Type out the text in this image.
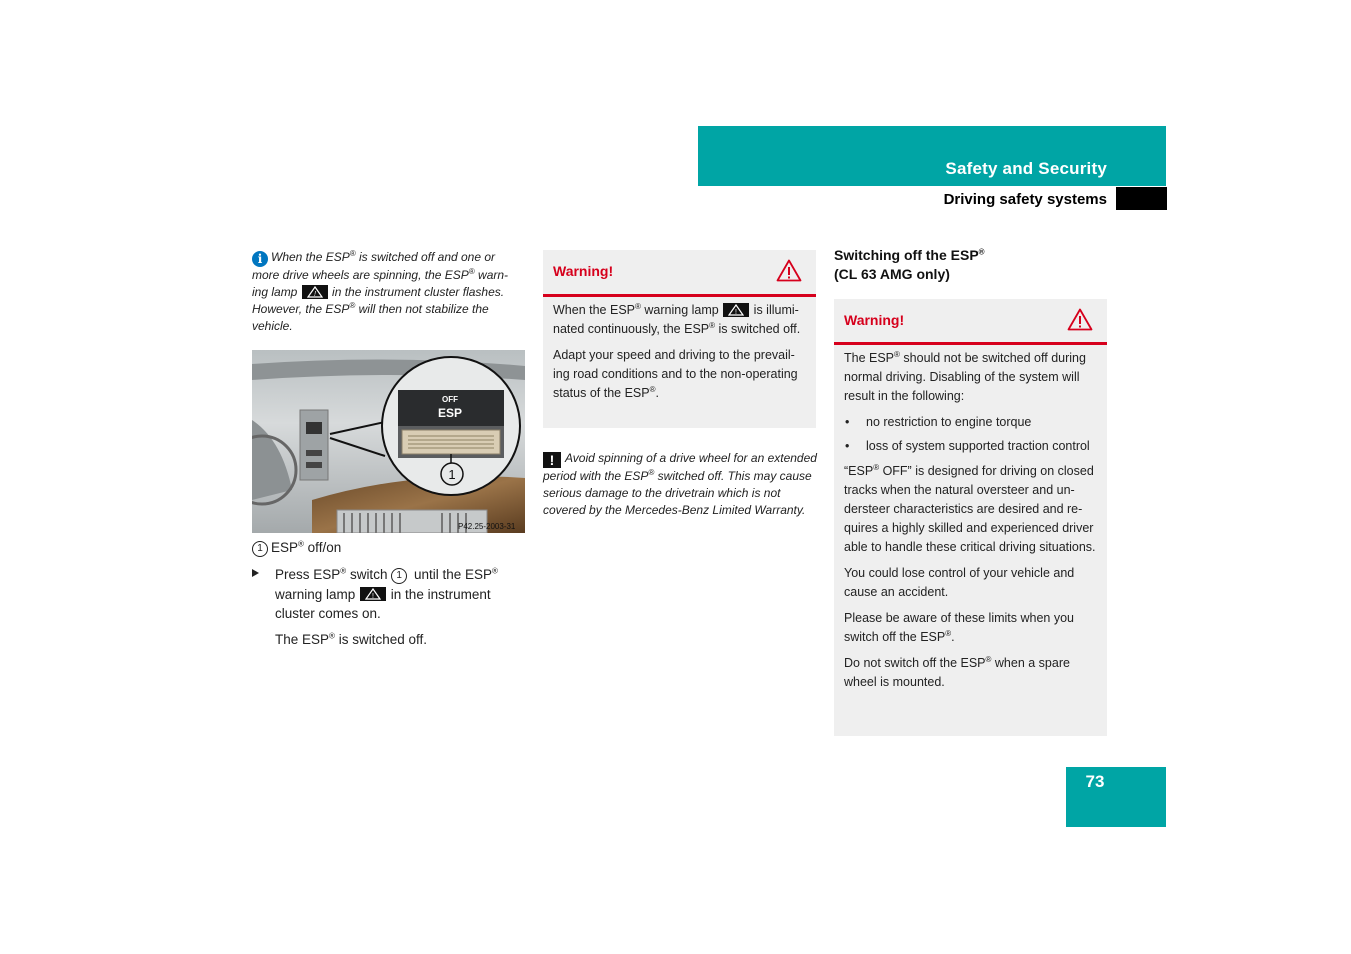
Safety and Security
Driving safety systems
i When the ESP® is switched off and one or more drive wheels are spinning, the ESP® warn-ing lamp ! in the instrument cluster flashes. However, the ESP® will then not stabilize the vehicle.
OFF
ESP
1
P42.25-2003-31
1 ESP® off/on
Press ESP® switch 1 until the ESP® warning lamp ! in the instrument cluster comes on.
The ESP® is switched off.
Warning!

When the ESP® warning lamp ! is illumi-nated continuously, the ESP® is switched off.

Adapt your speed and driving to the prevail-ing road conditions and to the non-operating status of the ESP®.

! Avoid spinning of a drive wheel for an extended period with the ESP® switched off. This may cause serious damage to the drivetrain which is not covered by the Mercedes-Benz Limited Warranty.
Switching off the ESP®
(CL 63 AMG only)
Warning!

The ESP® should not be switched off during normal driving. Disabling of the system will result in the following:

• no restriction to engine torque
• loss of system supported traction control

“ESP® OFF” is designed for driving on closed tracks when the natural oversteer and un-dersteer characteristics are desired and re-quires a highly skilled and experienced driver able to handle these critical driving situations.

You could lose control of your vehicle and cause an accident.

Please be aware of these limits when you switch off the ESP®.

Do not switch off the ESP® when a spare wheel is mounted.

73
